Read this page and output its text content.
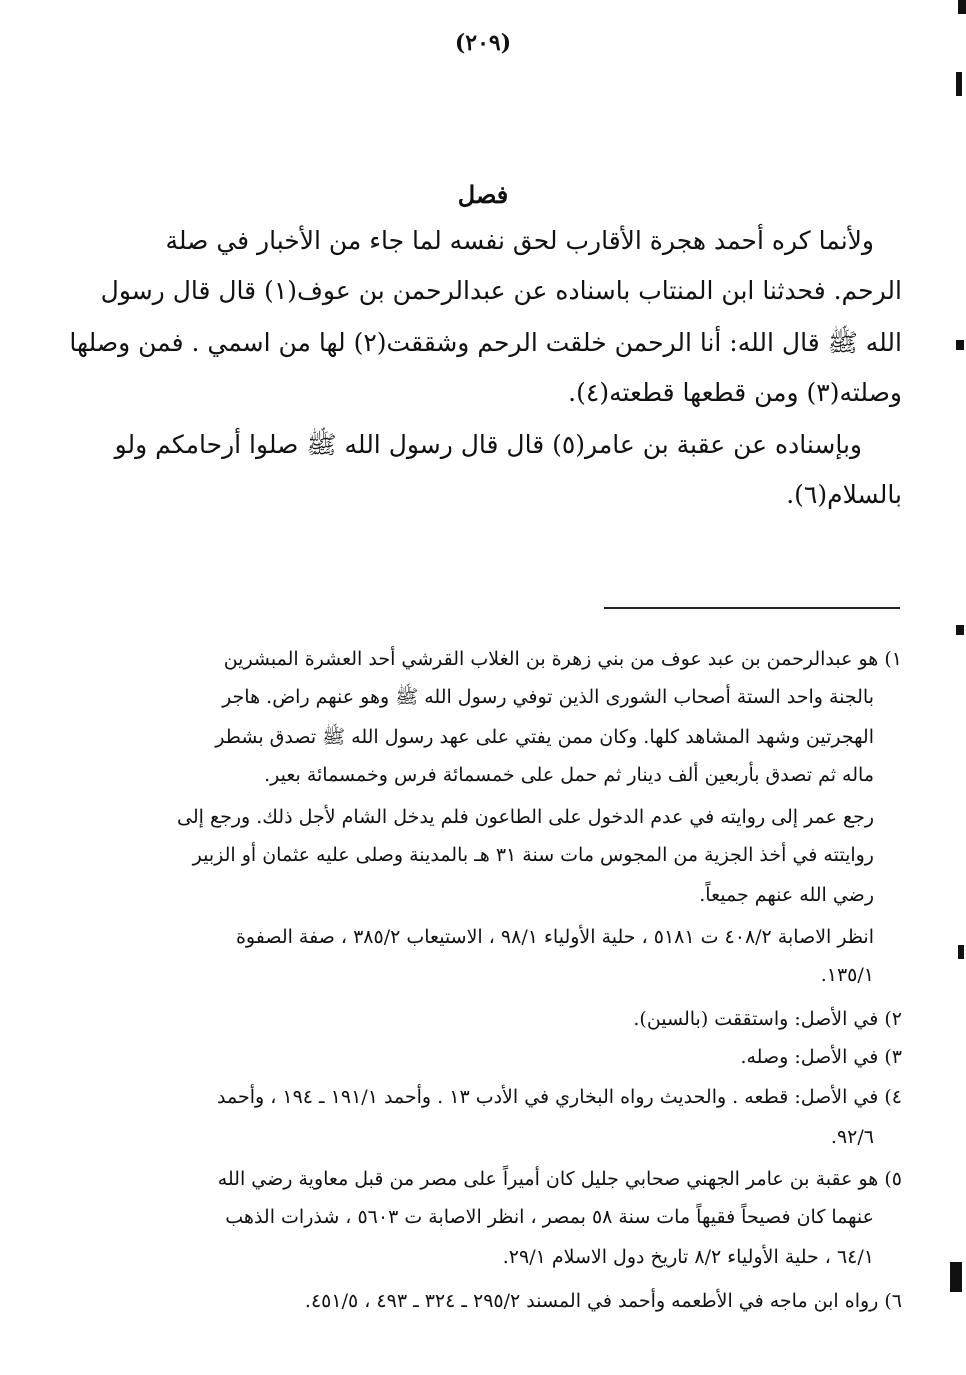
(٢٠٩)
فصل
ولأنما كره أحمد هجرة الأقارب لحق نفسه لما جاء من الأخبار في صلة
الرحم. فحدثنا ابن المنتاب باسناده عن عبدالرحمن بن عوف(١) قال قال رسول
الله ﷺ قال الله: أنا الرحمن خلقت الرحم وشققت(٢) لها من اسمي . فمن وصلها
وصلته(٣) ومن قطعها قطعته(٤).
وبإسناده عن عقبة بن عامر(٥) قال قال رسول الله ﷺ صلوا أرحامكم ولو
بالسلام(٦).
١) هو عبدالرحمن بن عبد عوف من بني زهرة بن الغلاب القرشي أحد العشرة المبشرين
بالجنة واحد الستة أصحاب الشورى الذين توفي رسول الله ﷺ وهو عنهم راض. هاجر
الهجرتين وشهد المشاهد كلها. وكان ممن يفتي على عهد رسول الله ﷺ تصدق بشطر
ماله ثم تصدق بأربعين ألف دينار ثم حمل على خمسمائة فرس وخمسمائة بعير.
رجع عمر إلى روايته في عدم الدخول على الطاعون فلم يدخل الشام لأجل ذلك. ورجع إلى
روايتته في أخذ الجزية من المجوس مات سنة ٣١ هـ بالمدينة وصلى عليه عثمان أو الزبير
رضي الله عنهم جميعاً.
انظر الاصابة ٤٠٨/٢ ت ٥١٨١ ، حلية الأولياء ٩٨/١ ، الاستيعاب ٣٨٥/٢ ، صفة الصفوة
١٣٥/١.
٢) في الأصل: واستققت (بالسين).
٣) في الأصل: وصله.
٤) في الأصل: قطعه . والحديث رواه البخاري في الأدب ١٣ . وأحمد ١٩١/١ ـ ١٩٤ ، وأحمد
٩٢/٦.
٥) هو عقبة بن عامر الجهني صحابي جليل كان أميراً على مصر من قبل معاوية رضي الله
عنهما كان فصيحاً فقيهاً مات سنة ٥٨ بمصر ، انظر الاصابة ت ٥٦٠٣ ، شذرات الذهب
٦٤/١ ، حلية الأولياء ٨/٢ تاريخ دول الاسلام ٢٩/١.
٦) رواه ابن ماجه في الأطعمه وأحمد في المسند ٢٩٥/٢ ـ ٣٢٤ ـ ٤٩٣ ، ٤٥١/٥.
